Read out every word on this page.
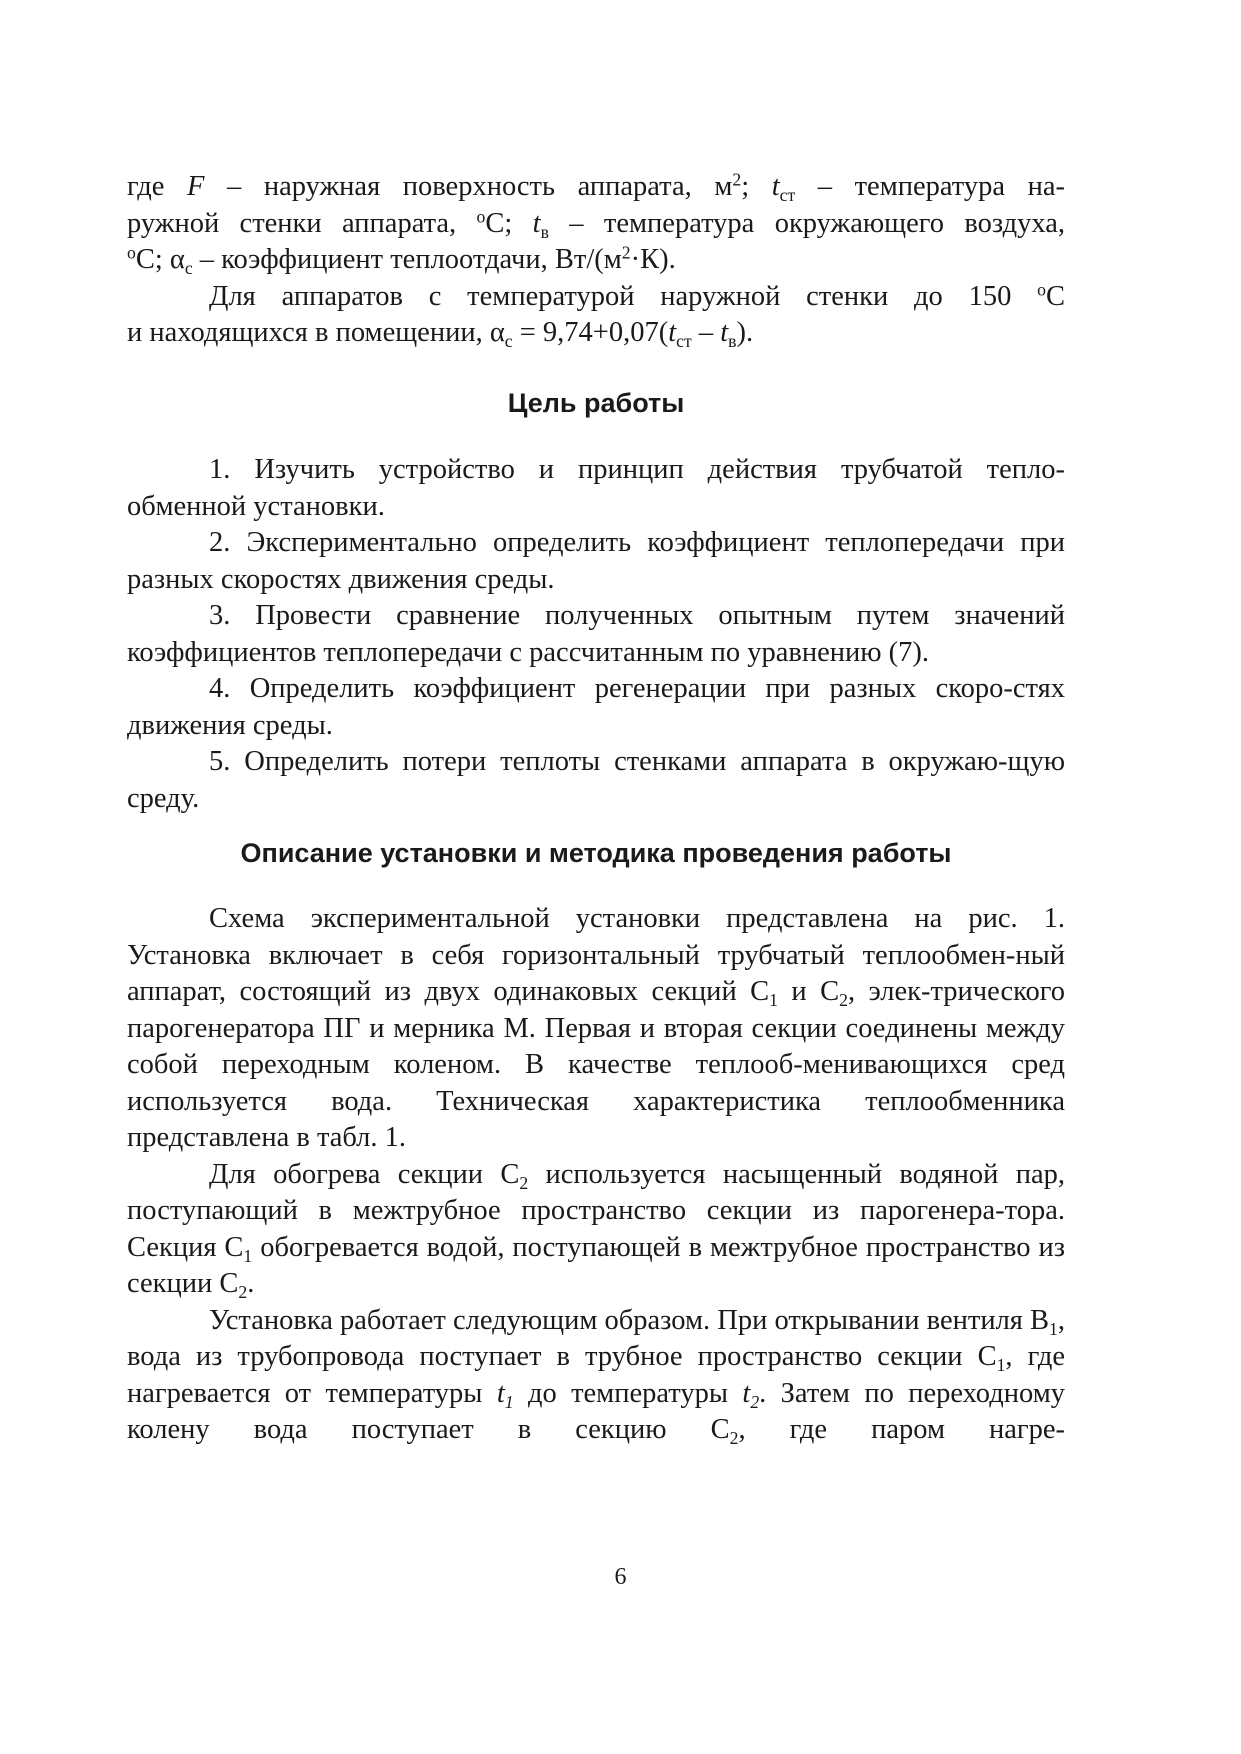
где F – наружная поверхность аппарата, $м^2$; $t_{ст}$ – температура на-

ружной стенки аппарата, $^o$С; $t_в$ – температура окружающего воздуха,

$^o$С; $\alpha_с$ – коэффициент теплоотдачи, $Вт/(м^2\cdot К)$.

Для аппаратов с температурой наружной стенки до 150 $^o$С

и находящихся в помещении, $\alpha_с = 9,74+0,07(t_{ст} - t_в)$.

Цель работы

1. Изучить устройство и принцип действия трубчатой тепло-обменной установки.

2. Экспериментально определить коэффициент теплопередачи при разных скоростях движения среды.

3. Провести сравнение полученных опытным путем значений коэффициентов теплопередачи с рассчитанным по уравнению (7).

4. Определить коэффициент регенерации при разных скоро-стях движения среды.

5. Определить потери теплоты стенками аппарата в окружаю-щую среду.

Описание установки и методика проведения работы

Схема экспериментальной установки представлена на рис. 1. Установка включает в себя горизонтальный трубчатый теплообмен-ный аппарат, состоящий из двух одинаковых секций $С_1$ и $С_2$, элек-трического парогенератора ПГ и мерника М. Первая и вторая секции соединены между собой переходным коленом. В качестве теплооб-менивающихся сред используется вода. Техническая характеристика теплообменника представлена в табл. 1.

Для обогрева секции $С_2$ используется насыщенный водяной пар, поступающий в межтрубное пространство секции из парогенера-тора. Секция $С_1$ обогревается водой, поступающей в межтрубное пространство из секции $С_2$.

Установка работает следующим образом. При открывании вентиля $В_1$, вода из трубопровода поступает в трубное пространство секции $С_1$, где нагревается от температуры $t_1$ до температуры $t_2$. Затем по переходному колену вода поступает в секцию $С_2$, где паром нагре-

6
